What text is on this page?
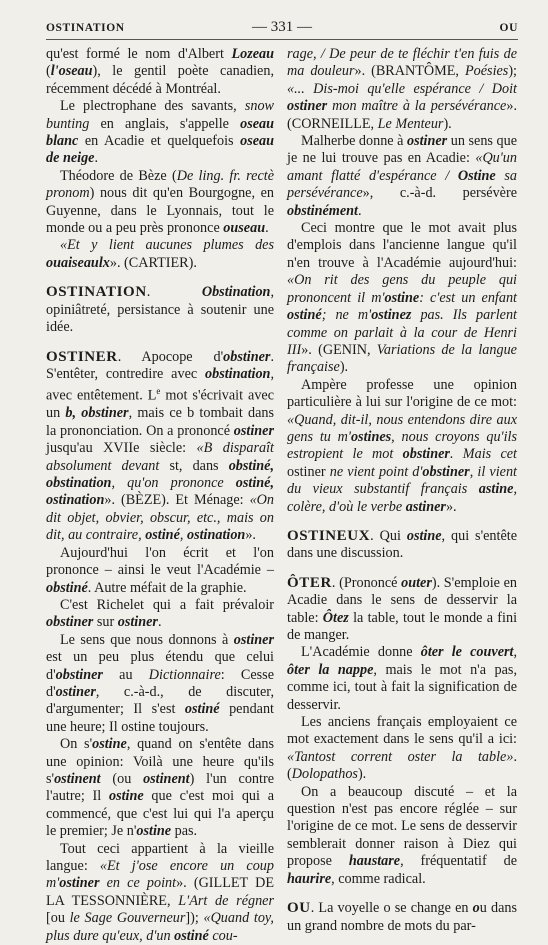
OSTINATION	— 331 —	OU

qu'est formé le nom d'Albert Lozeau (l'oseau), le gentil poète canadien, récemment décédé à Montréal.

Le plectrophane des savants, snow bunting en anglais, s'appelle oseau blanc en Acadie et quelquefois oseau de neige.

Théodore de Bèze (De ling. fr. rectè pronom) nous dit qu'en Bourgogne, en Guyenne, dans le Lyonnais, tout le monde ou a peu près prononce ouseau.

«Et y lient aucunes plumes des ouaiseaulx». (CARTIER).

OSTINATION. Obstination, opiniâtreté, persistance à soutenir une idée.

OSTINER. Apocope d'obstiner. S'entêter, contredire avec obstination, avec entêtement. Le mot s'écrivait avec un b, obstiner, mais ce b tombait dans la prononciation. On a prononcé ostiner jusqu'au XVIIe siècle: «B disparaît absolument devant st, dans obstiné, obstination, qu'on prononce ostiné, ostination». (BÈZE). Et Ménage: «On dit objet, obvier, obscur, etc., mais on dit, au contraire, ostiné, ostination».

Aujourd'hui l'on écrit et l'on prononce – ainsi le veut l'Académie – obstiné. Autre méfait de la graphie.

C'est Richelet qui a fait prévaloir obstiner sur ostiner.

Le sens que nous donnons à ostiner est un peu plus étendu que celui d'obstiner au Dictionnaire: Cesse d'ostiner, c.-à-d., de discuter, d'argumenter; Il s'est ostiné pendant une heure; Il ostine toujours.

On s'ostine, quand on s'entête dans une opinion: Voilà une heure qu'ils s'ostinent (ou ostinent) l'un contre l'autre; Il ostine que c'est moi qui a commencé, que c'est lui qui l'a aperçu le premier; Je n'ostine pas.

Tout ceci appartient à la vieille langue: «Et j'ose encore un coup m'ostiner en ce point». (GILLET DE LA TESSONNIÈRE, L'Art de régner [ou le Sage Gouverneur]); «Quand toy, plus dure qu'eux, d'un ostiné cou-

rage, / De peur de te fléchir t'en fuis de ma douleur». (BRANTÔME, Poésies); «... Dis-moi qu'elle espérance / Doit ostiner mon maître à la persévérance». (CORNEILLE, Le Menteur).

Malherbe donne à ostiner un sens que je ne lui trouve pas en Acadie: «Qu'un amant flatté d'espérance / Ostine sa persévérance», c.-à-d. persévère obstinément.

Ceci montre que le mot avait plus d'emplois dans l'ancienne langue qu'il n'en trouve à l'Académie aujourd'hui: «On rit des gens du peuple qui prononcent il m'ostine: c'est un enfant ostiné; ne m'ostinez pas. Ils parlent comme on parlait à la cour de Henri III». (GENIN, Variations de la langue française).

Ampère professe une opinion particulière à lui sur l'origine de ce mot: «Quand, dit-il, nous entendons dire aux gens tu m'ostines, nous croyons qu'ils estropient le mot obstiner. Mais cet ostiner ne vient point d'obstiner, il vient du vieux substantif français astine, colère, d'où le verbe astiner».

OSTINEUX. Qui ostine, qui s'entête dans une discussion.

ÔTER. (Prononcé outer). S'emploie en Acadie dans le sens de desservir la table: Ôtez la table, tout le monde a fini de manger.

L'Académie donne ôter le couvert, ôter la nappe, mais le mot n'a pas, comme ici, tout à fait la signification de desservir.

Les anciens français employaient ce mot exactement dans le sens qu'il a ici: «Tantost corrent oster la table». (Dolopathos).

On a beaucoup discuté – et la question n'est pas encore réglée – sur l'origine de ce mot. Le sens de desservir semblerait donner raison à Diez qui propose haustare, fréquentatif de haurire, comme radical.

OU. La voyelle o se change en ou dans un grand nombre de mots du par-
